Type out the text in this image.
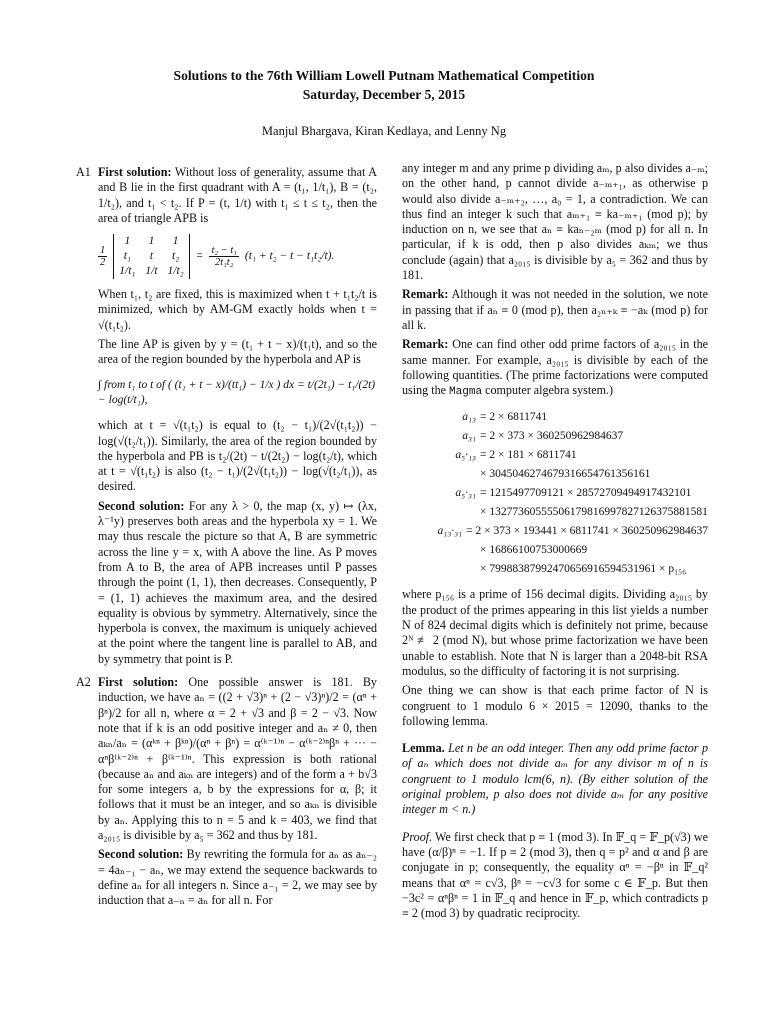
Solutions to the 76th William Lowell Putnam Mathematical Competition
Saturday, December 5, 2015
Manjul Bhargava, Kiran Kedlaya, and Lenny Ng
A1 First solution: Without loss of generality, assume that A and B lie in the first quadrant with A = (t₁, 1/t₁), B = (t₂, 1/t₂), and t₁ < t₂. If P = (t, 1/t) with t₁ ≤ t ≤ t₂, then the area of triangle APB is

$\frac{1}{2}$
1	1	1
t₁	t	t₂
1/t₁	1/t	1/t₂
= $\frac{\text{t₂ − t₁}}{\text{2t₁t₂}} (t_1 + t_2 - t - t_1t_2/t)$.

When t₁, t₂ are fixed, this is maximized when t + t₁t₂/t is minimized, which by AM-GM exactly holds when t = √(t₁t₂).

The line AP is given by y = (t₁ + t − x)/(t₁t), and so the area of the region bounded by the hyperbola and AP is

∫ from t₁ to t of ( (t₁ + t − x)/(tt₁) − 1/x ) dx = t/(2t₁) − t₁/(2t) − log(t/t₁),

which at t = √(t₁t₂) is equal to (t₂ − t₁)/(2√(t₁t₂)) − log(√(t₂/t₁)). Similarly, the area of the region bounded by the hyperbola and PB is t₂/(2t) − t/(2t₂) − log(t₂/t), which at t = √(t₁t₂) is also (t₂ − t₁)/(2√(t₁t₂)) − log(√(t₂/t₁)), as desired.

Second solution: For any λ > 0, the map (x, y) ↦ (λx, λ⁻¹y) preserves both areas and the hyperbola xy = 1. We may thus rescale the picture so that A, B are symmetric across the line y = x, with A above the line. As P moves from A to B, the area of APB increases until P passes through the point (1, 1), then decreases. Consequently, P = (1, 1) achieves the maximum area, and the desired equality is obvious by symmetry. Alternatively, since the hyperbola is convex, the maximum is uniquely achieved at the point where the tangent line is parallel to AB, and by symmetry that point is P.

A2 First solution: One possible answer is 181. By induction, we have aₙ = ((2 + √3)ⁿ + (2 − √3)ⁿ)/2 = (αⁿ + βⁿ)/2 for all n, where α = 2 + √3 and β = 2 − √3. Now note that if k is an odd positive integer and aₙ ≠ 0, then aₖₙ/aₙ = (αᵏⁿ + βᵏⁿ)/(αⁿ + βⁿ) = α⁽ᵏ⁻¹⁾ⁿ − α⁽ᵏ⁻²⁾ⁿβⁿ + ··· − αⁿβ⁽ᵏ⁻²⁾ⁿ + β⁽ᵏ⁻¹⁾ⁿ. This expression is both rational (because aₙ and aₖₙ are integers) and of the form a + b√3 for some integers a, b by the expressions for α, β; it follows that it must be an integer, and so aₖₙ is divisible by aₙ. Applying this to n = 5 and k = 403, we find that a₂₀₁₅ is divisible by a₅ = 362 and thus by 181.

Second solution: By rewriting the formula for aₙ as aₙ₋₂ = 4aₙ₋₁ − aₙ, we may extend the sequence backwards to define aₙ for all integers n. Since a₋₁ = 2, we may see by induction that a₋ₙ = aₙ for all n. For

any integer m and any prime p dividing aₘ, p also divides a₋ₘ; on the other hand, p cannot divide a₋ₘ₊₁, as otherwise p would also divide a₋ₘ₊₂, …, a₀ = 1, a contradiction. We can thus find an integer k such that aₘ₊₁ ≡ ka₋ₘ₊₁ (mod p); by induction on n, we see that aₙ ≡ kaₙ₋₂ₘ (mod p) for all n. In particular, if k is odd, then p also divides aₖₘ; we thus conclude (again) that a₂₀₁₅ is divisible by a₅ = 362 and thus by 181.

Remark: Although it was not needed in the solution, we note in passing that if aₙ ≡ 0 (mod p), then a₂ₙ₊ₖ ≡ −aₖ (mod p) for all k.

Remark: One can find other odd prime factors of a₂₀₁₅ in the same manner. For example, a₂₀₁₅ is divisible by each of the following quantities. (The prime factorizations were computed using the Magma computer algebra system.)

a₁₃ = 2 × 6811741
a₃₁ = 2 × 373 × 360250962984637
a₅·₁₃ = 2 × 181 × 6811741
× 30450462746793166547613561​61
a₅·₃₁ = 1215497709121 × 28572709494917432101
× 13277360555506179816997827126375881581
a₁₃·₃₁ = 2 × 373 × 193441 × 6811741 × 360250962984637
× 16866100753000669
× 799883879924706569165945319​61 × p₁₅₆

where p₁₅₆ is a prime of 156 decimal digits. Dividing a₂₀₁₅ by the product of the primes appearing in this list yields a number N of 824 decimal digits which is definitely not prime, because 2ᴺ ≢ 2 (mod N), but whose prime factorization we have been unable to establish. Note that N is larger than a 2048-bit RSA modulus, so the difficulty of factoring it is not surprising.

One thing we can show is that each prime factor of N is congruent to 1 modulo 6 × 2015 = 12090, thanks to the following lemma.

Lemma. Let n be an odd integer. Then any odd prime factor p of aₙ which does not divide aₘ for any divisor m of n is congruent to 1 modulo lcm(6, n). (By either solution of the original problem, p also does not divide aₘ for any positive integer m < n.)

Proof. We first check that p ≡ 1 (mod 3). In 𝔽_q = 𝔽_p(√3) we have (α/β)ⁿ = −1. If p ≡ 2 (mod 3), then q = p² and α and β are conjugate in p; consequently, the equality αⁿ = −βⁿ in 𝔽_q² means that αⁿ = c√3, βⁿ = −c√3 for some c ∈ 𝔽_p. But then −3c² = αⁿβⁿ = 1 in 𝔽_q and hence in 𝔽_p, which contradicts p ≡ 2 (mod 3) by quadratic reciprocity.
